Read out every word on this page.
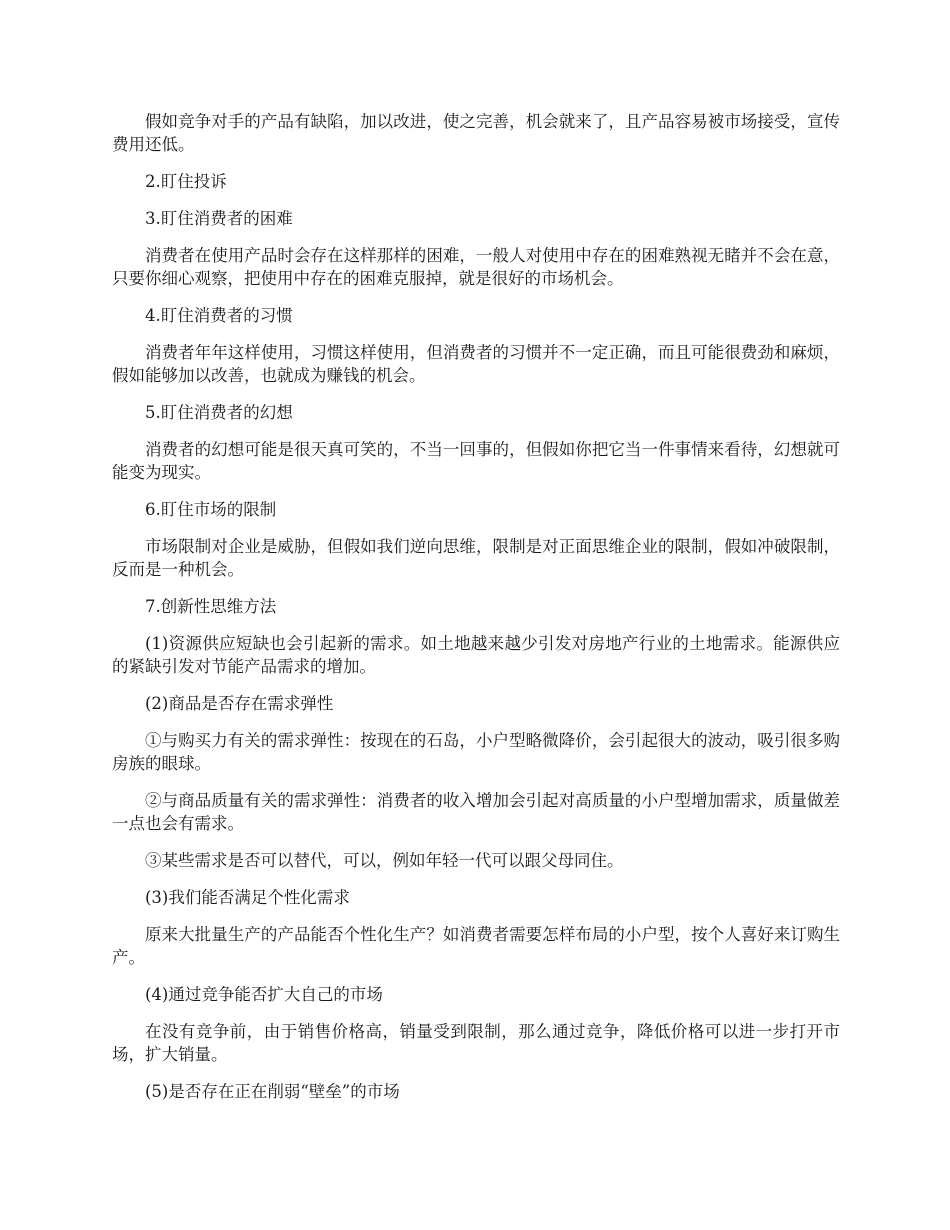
假如竞争对手的产品有缺陷，加以改进，使之完善，机会就来了，且产品容易被市场接受，宣传费用还低。

2.盯住投诉

3.盯住消费者的困难

消费者在使用产品时会存在这样那样的困难，一般人对使用中存在的困难熟视无睹并不会在意，只要你细心观察，把使用中存在的困难克服掉，就是很好的市场机会。

4.盯住消费者的习惯

消费者年年这样使用，习惯这样使用，但消费者的习惯并不一定正确，而且可能很费劲和麻烦，假如能够加以改善，也就成为赚钱的机会。

5.盯住消费者的幻想

消费者的幻想可能是很天真可笑的，不当一回事的，但假如你把它当一件事情来看待，幻想就可能变为现实。

6.盯住市场的限制

市场限制对企业是威胁，但假如我们逆向思维，限制是对正面思维企业的限制，假如冲破限制，反而是一种机会。

7.创新性思维方法

(1)资源供应短缺也会引起新的需求。如土地越来越少引发对房地产行业的土地需求。能源供应的紧缺引发对节能产品需求的增加。

(2)商品是否存在需求弹性

①与购买力有关的需求弹性：按现在的石岛，小户型略微降价，会引起很大的波动，吸引很多购房族的眼球。

②与商品质量有关的需求弹性：消费者的收入增加会引起对高质量的小户型增加需求，质量做差一点也会有需求。

③某些需求是否可以替代，可以，例如年轻一代可以跟父母同住。

(3)我们能否满足个性化需求

原来大批量生产的产品能否个性化生产？如消费者需要怎样布局的小户型，按个人喜好来订购生产。

(4)通过竞争能否扩大自己的市场

在没有竞争前，由于销售价格高，销量受到限制，那么通过竞争，降低价格可以进一步打开市场，扩大销量。

(5)是否存在正在削弱“壁垒”的市场
